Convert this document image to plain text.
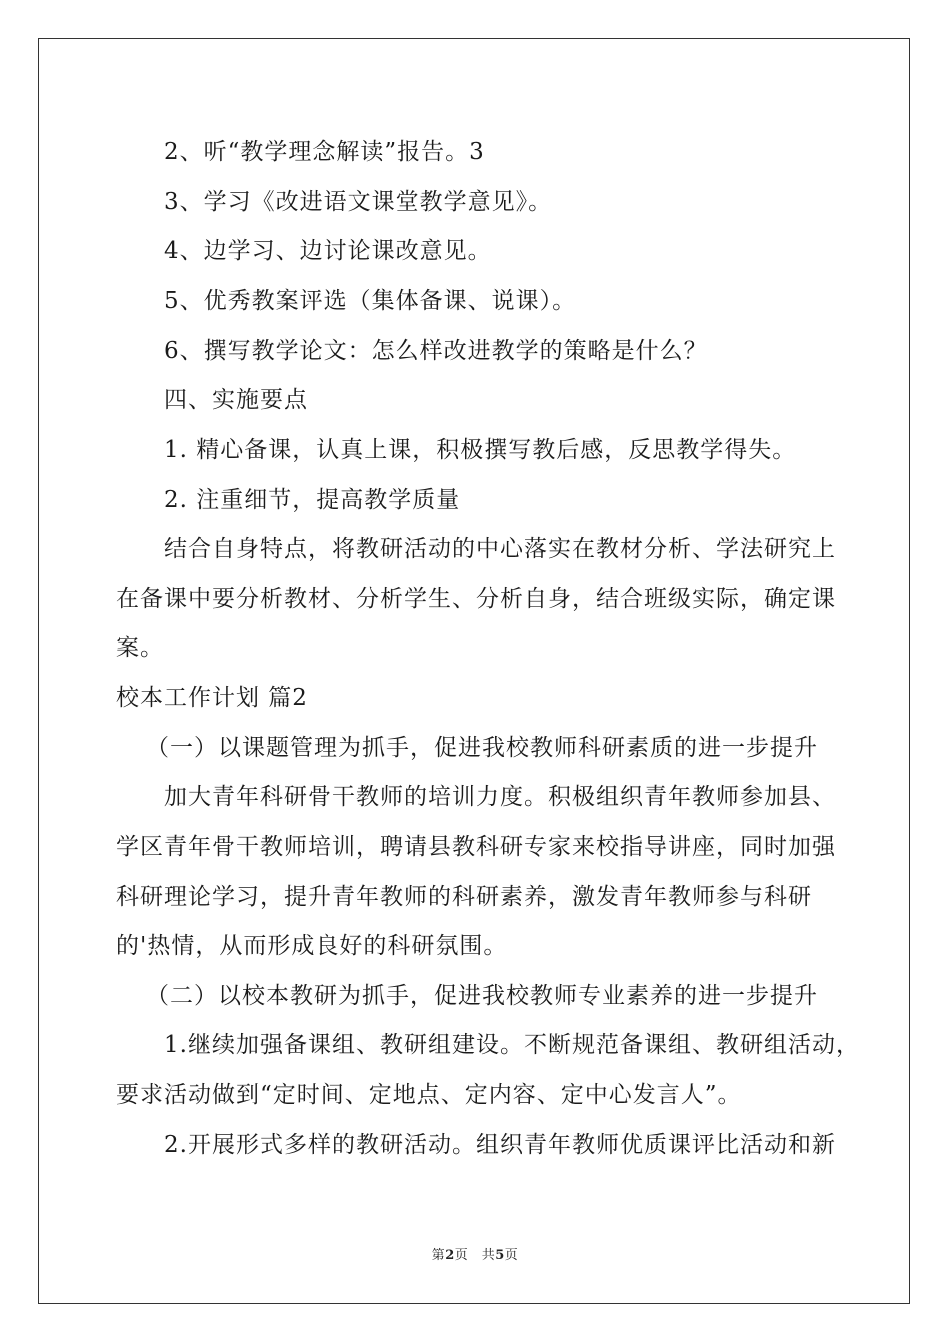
2、听“教学理念解读”报告。3
3、学习《改进语文课堂教学意见》。
4、边学习、边讨论课改意见。
5、优秀教案评选（集体备课、说课）。
6、撰写教学论文：怎么样改进教学的策略是什么？
四、实施要点
1. 精心备课，认真上课，积极撰写教后感，反思教学得失。
2. 注重细节，提高教学质量
结合自身特点，将教研活动的中心落实在教材分析、学法研究上
在备课中要分析教材、分析学生、分析自身，结合班级实际，确定课
案。
校本工作计划 篇2
（一）以课题管理为抓手，促进我校教师科研素质的进一步提升
加大青年科研骨干教师的培训力度。积极组织青年教师参加县、
学区青年骨干教师培训，聘请县教科研专家来校指导讲座，同时加强
科研理论学习，提升青年教师的科研素养，激发青年教师参与科研
的'热情，从而形成良好的科研氛围。
（二）以校本教研为抓手，促进我校教师专业素养的进一步提升
1.继续加强备课组、教研组建设。不断规范备课组、教研组活动，
要求活动做到“定时间、定地点、定内容、定中心发言人”。
2.开展形式多样的教研活动。组织青年教师优质课评比活动和新
第2页　共5页
